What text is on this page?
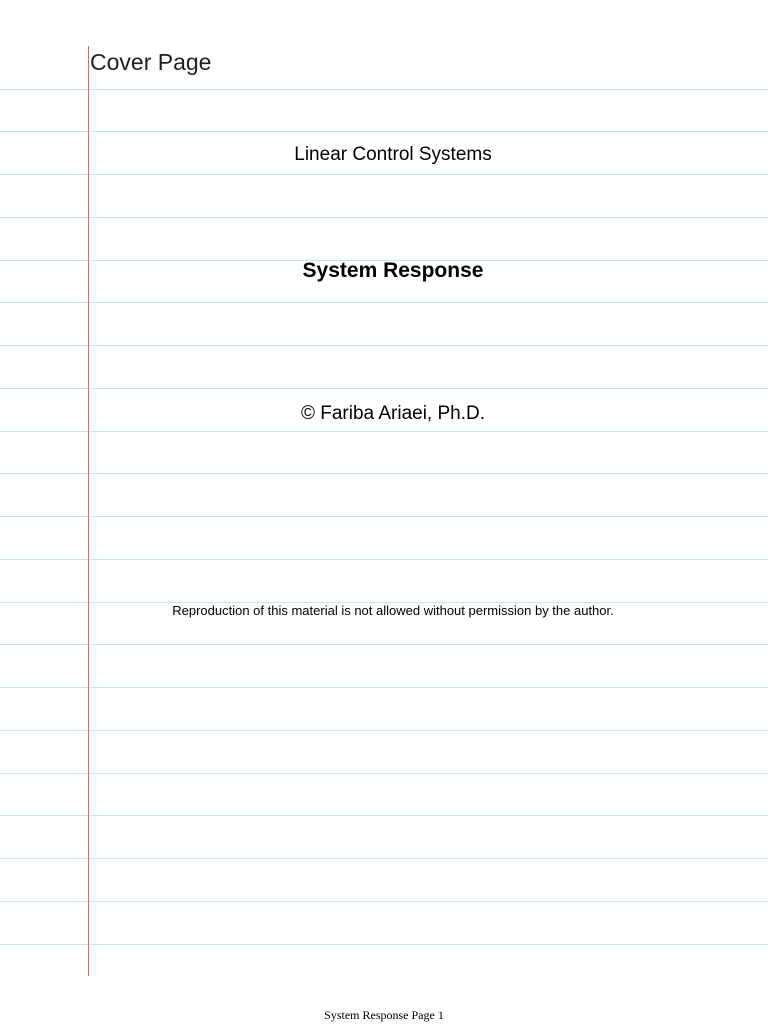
Cover Page
Linear Control Systems
System Response
© Fariba Ariaei, Ph.D.
Reproduction of this material is not allowed without permission by the author.
System Response Page 1
